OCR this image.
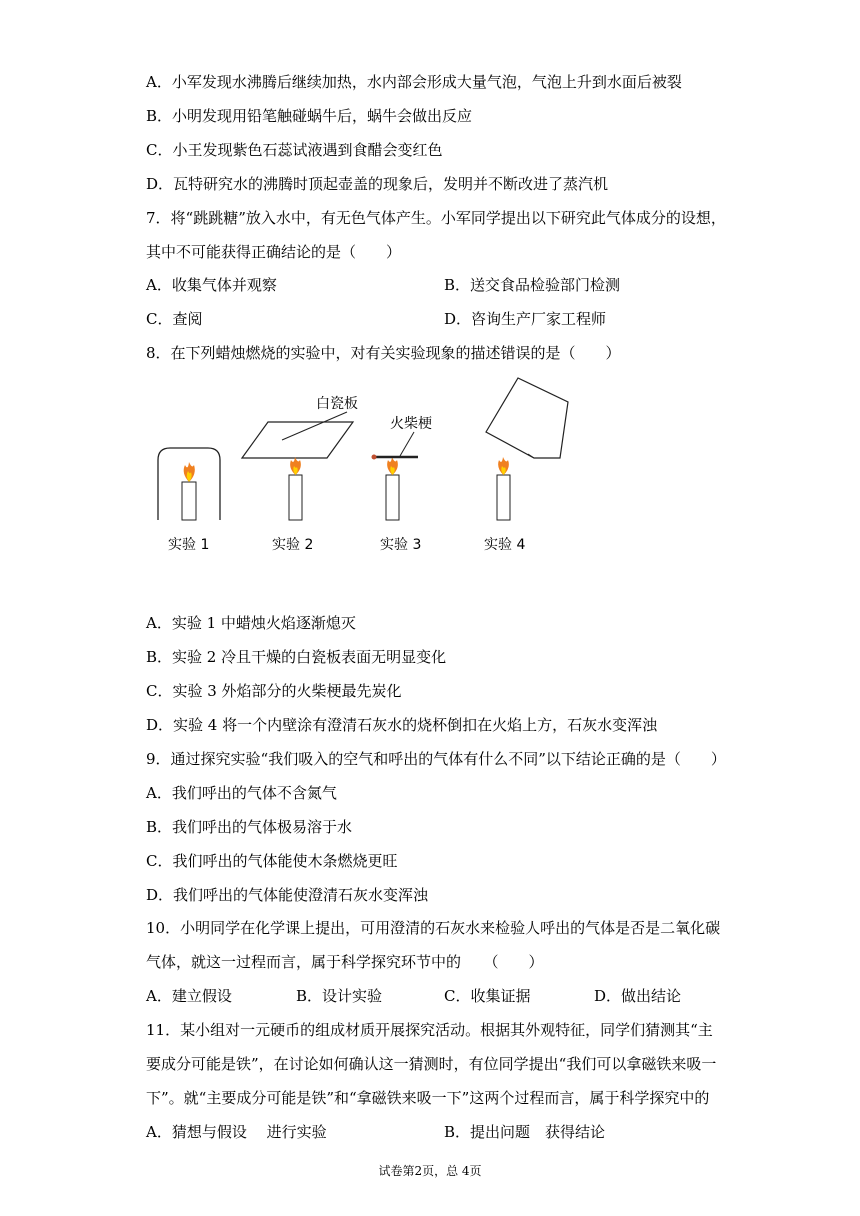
A．小军发现水沸腾后继续加热，水内部会形成大量气泡，气泡上升到水面后被裂
B．小明发现用铅笔触碰蜗牛后，蜗牛会做出反应
C．小王发现紫色石蕊试液遇到食醋会变红色
D．瓦特研究水的沸腾时顶起壶盖的现象后，发明并不断改进了蒸汽机
7．将“跳跳糖”放入水中，有无色气体产生。小军同学提出以下研究此气体成分的设想，
其中不可能获得正确结论的是（　　）
A．收集气体并观察	B．送交食品检验部门检测
C．查阅	D．咨询生产厂家工程师
8．在下列蜡烛燃烧的实验中，对有关实验现象的描述错误的是（　　）
白瓷板
火柴梗
实验 1	实验 2	实验 3	实验 4
A．实验 1 中蜡烛火焰逐渐熄灭
B．实验 2 冷且干燥的白瓷板表面无明显变化
C．实验 3 外焰部分的火柴梗最先炭化
D．实验 4 将一个内壁涂有澄清石灰水的烧杯倒扣在火焰上方，石灰水变浑浊
9．通过探究实验“我们吸入的空气和呼出的气体有什么不同”以下结论正确的是（　　）
A．我们呼出的气体不含氮气
B．我们呼出的气体极易溶于水
C．我们呼出的气体能使木条燃烧更旺
D．我们呼出的气体能使澄清石灰水变浑浊
10．小明同学在化学课上提出，可用澄清的石灰水来检验人呼出的气体是否是二氧化碳
气体，就这一过程而言，属于科学探究环节中的　　（　　）
A．建立假设	B．设计实验	C．收集证据	D．做出结论
11．某小组对一元硬币的组成材质开展探究活动。根据其外观特征，同学们猜测其“主
要成分可能是铁”，在讨论如何确认这一猜测时，有位同学提出“我们可以拿磁铁来吸一
下”。就“主要成分可能是铁”和“拿磁铁来吸一下”这两个过程而言，属于科学探究中的
A．猜想与假设　 进行实验	B．提出问题　获得结论
试卷第2页，总 4页
